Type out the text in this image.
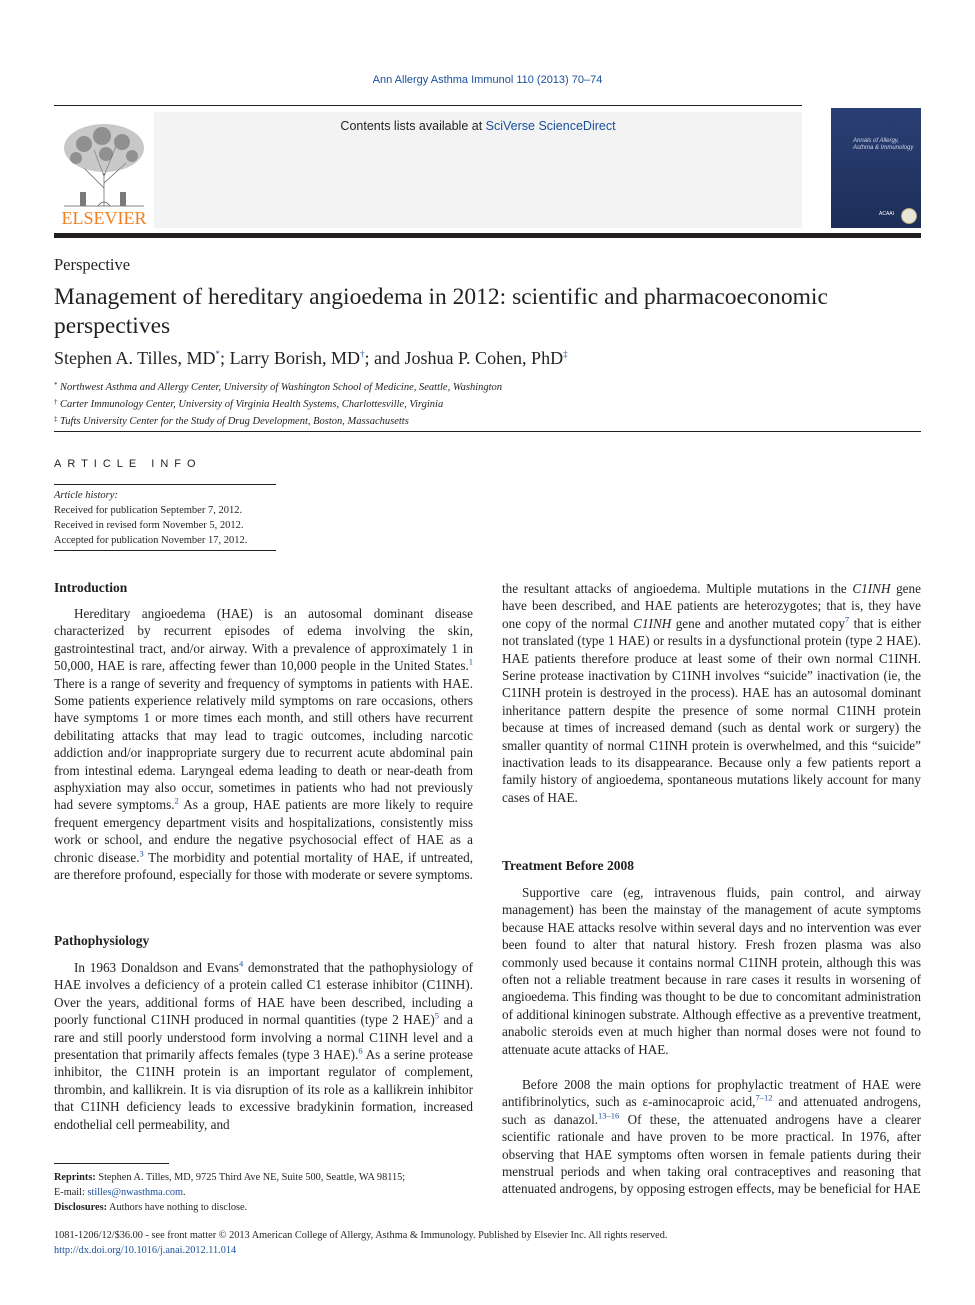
Ann Allergy Asthma Immunol 110 (2013) 70–74
Contents lists available at SciVerse ScienceDirect
ELSEVIER
Annals of Allergy, Asthma & Immunology
ACAAI
Perspective
Management of hereditary angioedema in 2012: scientific and pharmacoeconomic perspectives
Stephen A. Tilles, MD*; Larry Borish, MD†; and Joshua P. Cohen, PhD‡
* Northwest Asthma and Allergy Center, University of Washington School of Medicine, Seattle, Washington
† Carter Immunology Center, University of Virginia Health Systems, Charlottesville, Virginia
‡ Tufts University Center for the Study of Drug Development, Boston, Massachusetts
ARTICLE INFO
Article history:
Received for publication September 7, 2012.
Received in revised form November 5, 2012.
Accepted for publication November 17, 2012.
Introduction

Hereditary angioedema (HAE) is an autosomal dominant disease characterized by recurrent episodes of edema involving the skin, gastrointestinal tract, and/or airway. With a prevalence of approximately 1 in 50,000, HAE is rare, affecting fewer than 10,000 people in the United States.$^1$ There is a range of severity and frequency of symptoms in patients with HAE. Some patients experience relatively mild symptoms on rare occasions, others have symptoms 1 or more times each month, and still others have recurrent debilitating attacks that may lead to tragic outcomes, including narcotic addiction and/or inappropriate surgery due to recurrent acute abdominal pain from intestinal edema. Laryngeal edema leading to death or near-death from asphyxiation may also occur, sometimes in patients who had not previously had severe symptoms.$^2$ As a group, HAE patients are more likely to require frequent emergency department visits and hospitalizations, consistently miss work or school, and endure the negative psychosocial effect of HAE as a chronic disease.$^3$ The morbidity and potential mortality of HAE, if untreated, are therefore profound, especially for those with moderate or severe symptoms.

Pathophysiology

In 1963 Donaldson and Evans$^4$ demonstrated that the pathophysiology of HAE involves a deficiency of a protein called C1 esterase inhibitor (C1INH). Over the years, additional forms of HAE have been described, including a poorly functional C1INH produced in normal quantities (type 2 HAE)$^5$ and a rare and still poorly understood form involving a normal C1INH level and a presentation that primarily affects females (type 3 HAE).$^6$ As a serine protease inhibitor, the C1INH protein is an important regulator of complement, thrombin, and kallikrein. It is via disruption of its role as a kallikrein inhibitor that C1INH deficiency leads to excessive bradykinin formation, increased endothelial cell permeability, and

the resultant attacks of angioedema. Multiple mutations in the C1INH gene have been described, and HAE patients are heterozygotes; that is, they have one copy of the normal C1INH gene and another mutated copy$^7$ that is either not translated (type 1 HAE) or results in a dysfunctional protein (type 2 HAE). HAE patients therefore produce at least some of their own normal C1INH. Serine protease inactivation by C1INH involves “suicide” inactivation (ie, the C1INH protein is destroyed in the process). HAE has an autosomal dominant inheritance pattern despite the presence of some normal C1INH protein because at times of increased demand (such as dental work or surgery) the smaller quantity of normal C1INH protein is overwhelmed, and this “suicide” inactivation leads to its disappearance. Because only a few patients report a family history of angioedema, spontaneous mutations likely account for many cases of HAE.

Treatment Before 2008

Supportive care (eg, intravenous fluids, pain control, and airway management) has been the mainstay of the management of acute symptoms because HAE attacks resolve within several days and no intervention was ever been found to alter that natural history. Fresh frozen plasma was also commonly used because it contains normal C1INH protein, although this was often not a reliable treatment because in rare cases it results in worsening of angioedema. This finding was thought to be due to concomitant administration of additional kininogen substrate. Although effective as a preventive treatment, anabolic steroids even at much higher than normal doses were not found to attenuate acute attacks of HAE.

Before 2008 the main options for prophylactic treatment of HAE were antifibrinolytics, such as ε-aminocaproic acid,$^{7-12}$ and attenuated androgens, such as danazol.$^{13-16}$ Of these, the attenuated androgens have a clearer scientific rationale and have proven to be more practical. In 1976, after observing that HAE symptoms often worsen in female patients during their menstrual periods and when taking oral contraceptives and reasoning that attenuated androgens, by opposing estrogen effects, may be beneficial for HAE

Reprints: Stephen A. Tilles, MD, 9725 Third Ave NE, Suite 500, Seattle, WA 98115;
E-mail: stilles@nwasthma.com.
Disclosures: Authors have nothing to disclose.
1081-1206/12/$36.00 - see front matter © 2013 American College of Allergy, Asthma & Immunology. Published by Elsevier Inc. All rights reserved.
http://dx.doi.org/10.1016/j.anai.2012.11.014
